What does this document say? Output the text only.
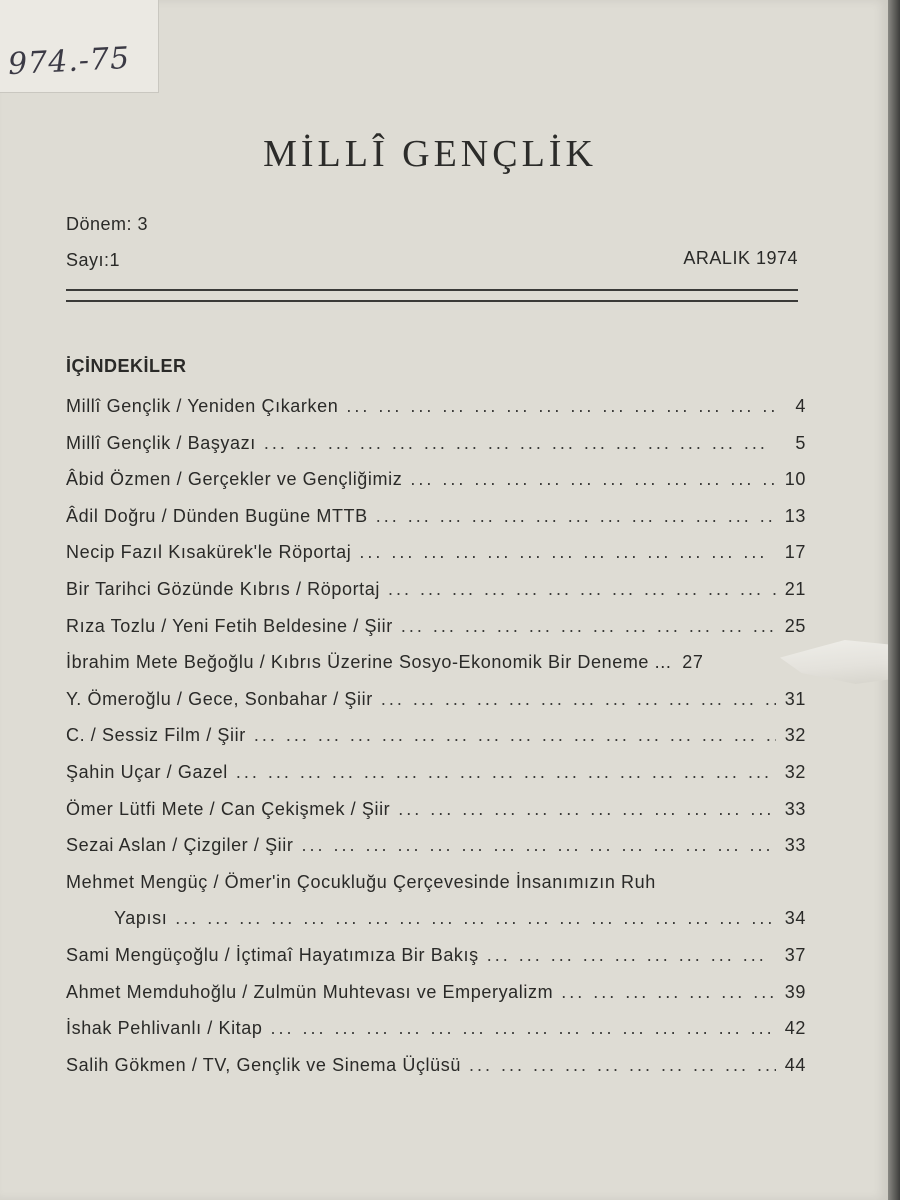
974.-75
MİLLÎ GENÇLİK
Dönem: 3
Sayı:1	ARALIK 1974
İÇİNDEKİLER
Millî Gençlik / Yeniden Çıkarken ... .	4
Millî Gençlik / Başyazı ... .	5
Âbid Özmen / Gerçekler ve Gençliğimiz ... .	10
Âdil Doğru / Dünden Bugüne MTTB ... .	13
Necip Fazıl Kısakürek'le Röportaj ... .	17
Bir Tarihci Gözünde Kıbrıs / Röportaj ... .	21
Rıza Tozlu / Yeni Fetih Beldesine / Şiir ... .	25
İbrahim Mete Beğoğlu / Kıbrıs Üzerine Sosyo-Ekonomik Bir Deneme ... 27
Y. Ömeroğlu / Gece, Sonbahar / Şiir ... .	31
C. / Sessiz Film / Şiir ... .	32
Şahin Uçar / Gazel ... .	32
Ömer Lütfi Mete / Can Çekişmek / Şiir ... .	33
Sezai Aslan / Çizgiler / Şiir ... .	33
Mehmet Mengüç / Ömer'in Çocukluğu Çerçevesinde İnsanımızın Ruh
Yapısı ... .	34
Sami Mengüçoğlu / İçtimaî Hayatımıza Bir Bakış ... .	37
Ahmet Memduhoğlu / Zulmün Muhtevası ve Emperyalizm ... .	39
İshak Pehlivanlı / Kitap ... .	42
Salih Gökmen / TV, Gençlik ve Sinema Üçlüsü ... .	44
